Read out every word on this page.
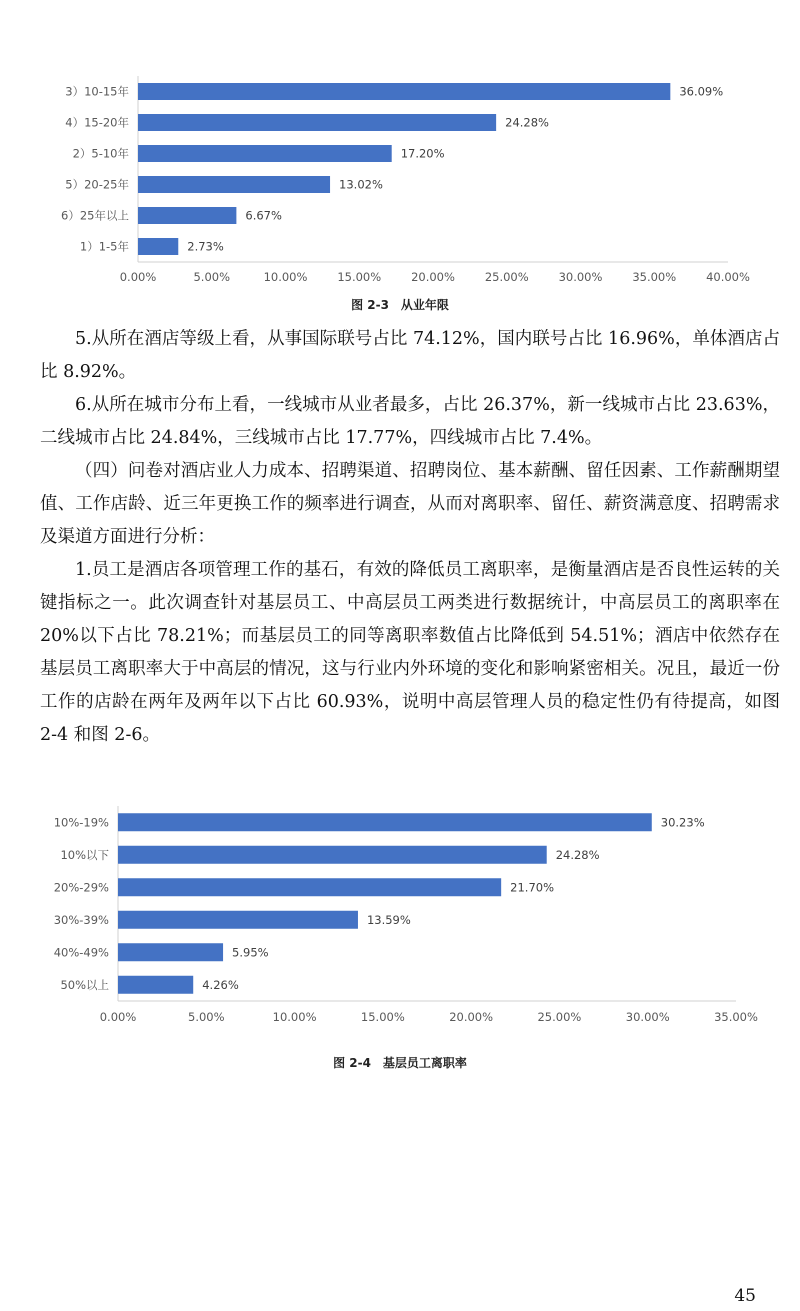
3）10-15年	36.09%
4）15-20年	24.28%
2）5-10年	17.20%
5）20-25年	13.02%
6）25年以上	6.67%
1）1-5年	2.73%
0.00%	5.00%	10.00%	15.00%	20.00%	25.00%	30.00%	35.00%	40.00%
图 2-3　从业年限

5.从所在酒店等级上看，从事国际联号占比 74.12%，国内联号占比 16.96%，单体酒店占比 8.92%。

6.从所在城市分布上看，一线城市从业者最多，占比 26.37%，新一线城市占比 23.63%，二线城市占比 24.84%，三线城市占比 17.77%，四线城市占比 7.4%。

（四）问卷对酒店业人力成本、招聘渠道、招聘岗位、基本薪酬、留任因素、工作薪酬期望值、工作店龄、近三年更换工作的频率进行调查，从而对离职率、留任、薪资满意度、招聘需求及渠道方面进行分析：

1.员工是酒店各项管理工作的基石，有效的降低员工离职率，是衡量酒店是否良性运转的关键指标之一。此次调查针对基层员工、中高层员工两类进行数据统计，中高层员工的离职率在 20%以下占比 78.21%；而基层员工的同等离职率数值占比降低到 54.51%；酒店中依然存在基层员工离职率大于中高层的情况，这与行业内外环境的变化和影响紧密相关。况且，最近一份工作的店龄在两年及两年以下占比 60.93%，说明中高层管理人员的稳定性仍有待提高，如图 2-4 和图 2-6。

10%-19%	30.23%
10%以下	24.28%
20%-29%	21.70%
30%-39%	13.59%
40%-49%	5.95%
50%以上	4.26%
0.00%	5.00%	10.00%	15.00%	20.00%	25.00%	30.00%	35.00%
图 2-4　基层员工离职率
45
